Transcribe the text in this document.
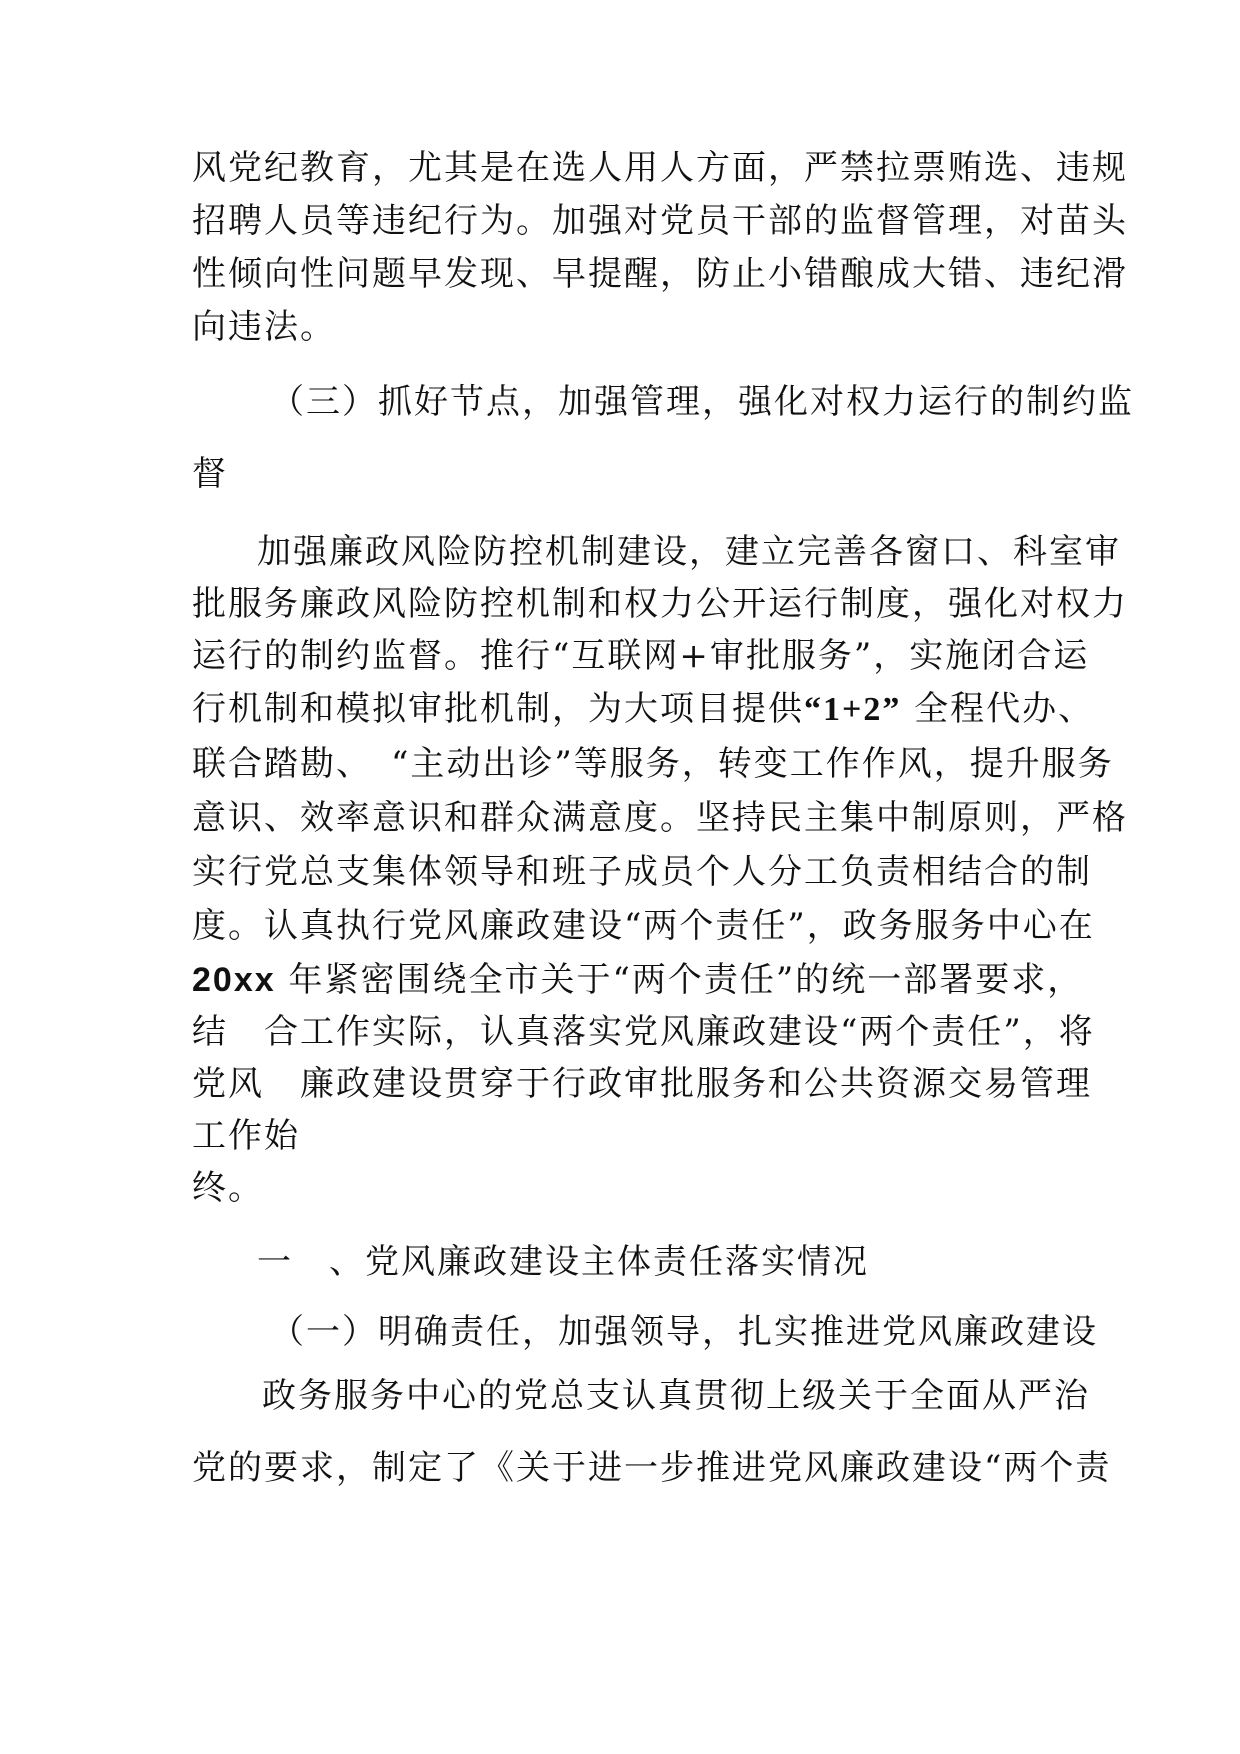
风党纪教育，尤其是在选人用人方面，严禁拉票贿选、违规
招聘人员等违纪行为。加强对党员干部的监督管理，对苗头
性倾向性问题早发现、早提醒，防止小错酿成大错、违纪滑
向违法。
（三）抓好节点，加强管理，强化对权力运行的制约监
督
加强廉政风险防控机制建设，建立完善各窗口、科室审
批服务廉政风险防控机制和权力公开运行制度，强化对权力
运行的制约监督。推行“互联网+审批服务”，实施闭合运
行机制和模拟审批机制，为大项目提供“1+2” 全程代办、
联合踏勘、　“主动出诊”等服务，转变工作作风，提升服务
意识、效率意识和群众满意度。坚持民主集中制原则，严格
实行党总支集体领导和班子成员个人分工负责相结合的制
度。认真执行党风廉政建设“两个责任”，政务服务中心在
20xx 年紧密围绕全市关于“两个责任”的统一部署要求，
结　合工作实际，认真落实党风廉政建设“两个责任”，将
党风　廉政建设贯穿于行政审批服务和公共资源交易管理
工作始
终。
一　、党风廉政建设主体责任落实情况
（一）明确责任，加强领导，扎实推进党风廉政建设
政务服务中心的党总支认真贯彻上级关于全面从严治
党的要求，制定了《关于进一步推进党风廉政建设“两个责
